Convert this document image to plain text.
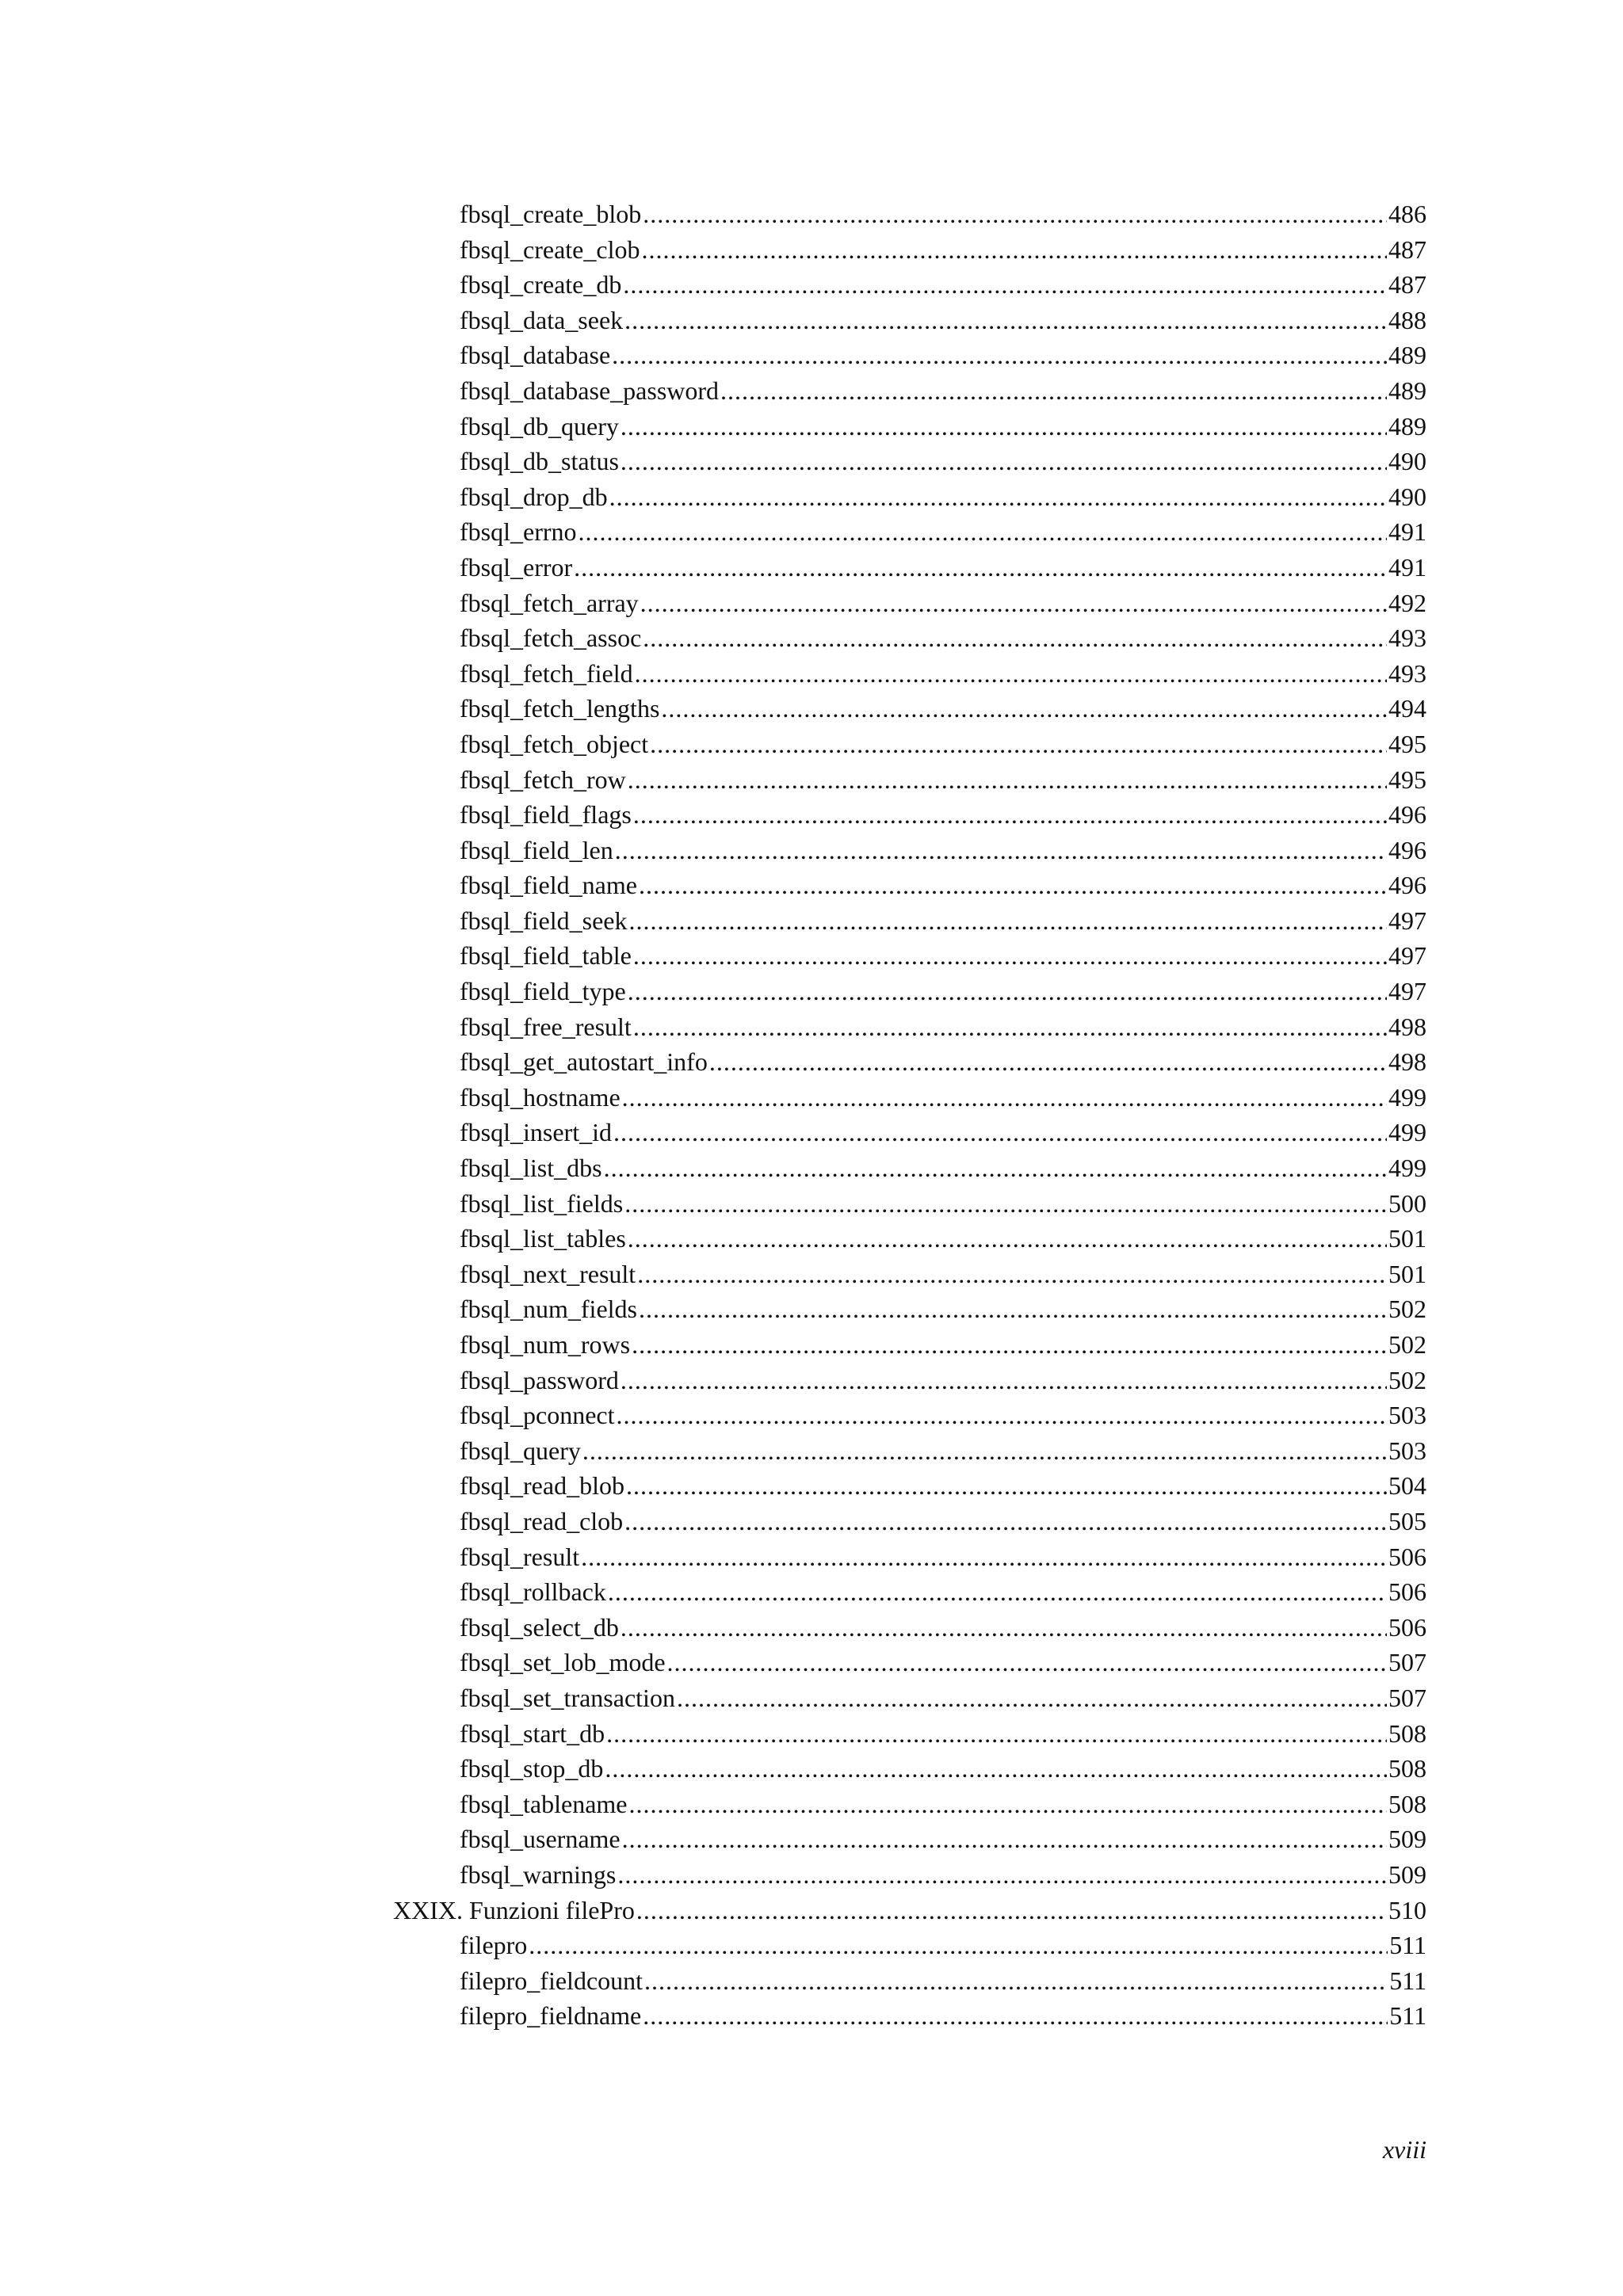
fbsql_create_blob .....	486
fbsql_create_clob .....	487
fbsql_create_db .....	487
fbsql_data_seek .....	488
fbsql_database .....	489
fbsql_database_password .....	489
fbsql_db_query .....	489
fbsql_db_status .....	490
fbsql_drop_db .....	490
fbsql_errno .....	491
fbsql_error .....	491
fbsql_fetch_array .....	492
fbsql_fetch_assoc .....	493
fbsql_fetch_field .....	493
fbsql_fetch_lengths .....	494
fbsql_fetch_object .....	495
fbsql_fetch_row .....	495
fbsql_field_flags .....	496
fbsql_field_len .....	496
fbsql_field_name .....	496
fbsql_field_seek .....	497
fbsql_field_table .....	497
fbsql_field_type .....	497
fbsql_free_result .....	498
fbsql_get_autostart_info .....	498
fbsql_hostname .....	499
fbsql_insert_id .....	499
fbsql_list_dbs .....	499
fbsql_list_fields .....	500
fbsql_list_tables .....	501
fbsql_next_result .....	501
fbsql_num_fields .....	502
fbsql_num_rows .....	502
fbsql_password .....	502
fbsql_pconnect .....	503
fbsql_query .....	503
fbsql_read_blob .....	504
fbsql_read_clob .....	505
fbsql_result .....	506
fbsql_rollback .....	506
fbsql_select_db .....	506
fbsql_set_lob_mode .....	507
fbsql_set_transaction .....	507
fbsql_start_db .....	508
fbsql_stop_db .....	508
fbsql_tablename .....	508
fbsql_username .....	509
fbsql_warnings .....	509
XXIX. Funzioni filePro .....	510
filepro .....	511
filepro_fieldcount .....	511
filepro_fieldname .....	511
xviii
